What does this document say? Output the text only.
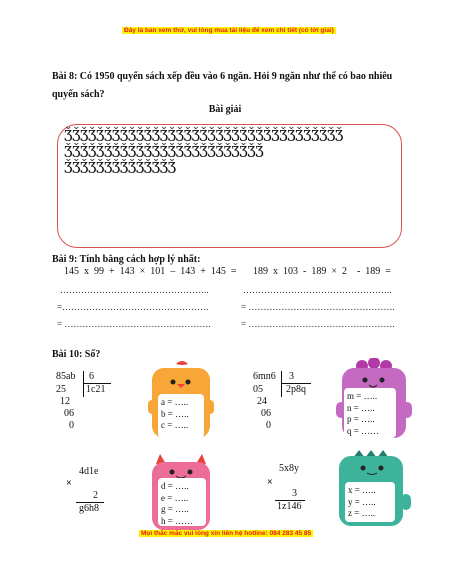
Đây là bản xem thử, vui lòng mua tài liệu để xem chi tiết (có lời giải)
Bài 8: Có 1950 quyển sách xếp đều vào 6 ngăn. Hỏi 9 ngăn như thế có bao nhiêu quyển sách?
Bài giải
ǮǮǮǮǮǮǮǮǮǮǮǮǮǮǮǮǮǮǮǮǮǮǮǮǮǮǮǮǮǮǮǮǮǮǮ
ǮǮǮǮǮǮǮǮǮǮǮǮǮǮǮǮǮǮǮǮǮǮǮǮǮ
ǮǮǮǮǮǮǮǮǮǮǮǮǮǮ
Bài 9: Tính bằng cách hợp lý nhất:
145  x  99  +  143  ×  101  –  143  +  145  = 189  x  103  -  189  ×  2    -  189  =
…………………………………………..	…………………………………………..
=………………………………………….	= ………………………………………….
= ………………………………………….	= ………………………………………….
Bài 10: Số?
85ab 6
1c21
25
12
06
0
6mn6 3
2p8q
05
24
06
0
4d1e
×
2
g6h8
5x8y
×
3
1z146
a = …..
b = …..
c = …..
m = …..
n = …..
p = …..
q = ……
d = …..
e = …..
g = …..
h = ……
x = …..
y = …..
z = …..
Mọi thắc mắc vui lòng xin liên hệ hotline: 084 283 45 85
